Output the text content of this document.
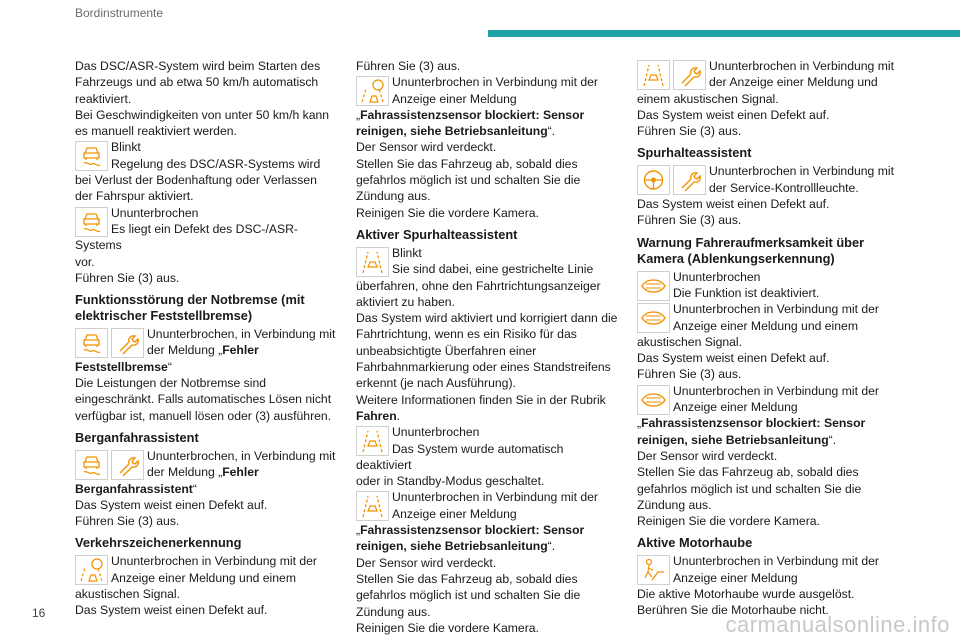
Bordinstrumente

Das DSC/ASR-System wird beim Starten des Fahrzeugs und ab etwa 50 km/h automatisch reaktiviert.

Bei Geschwindigkeiten von unter 50 km/h kann es manuell reaktiviert werden.

Blinkt
Regelung des DSC/ASR-Systems wird
bei Verlust der Bodenhaftung oder Verlassen der Fahrspur aktiviert.
Ununterbrochen
Es liegt ein Defekt des DSC-/ASR-Systems
vor.

Führen Sie (3) aus.

Funktionsstörung der Notbremse (mit elektrischer Feststellbremse)

Ununterbrochen, in Verbindung mit der Meldung „Fehler Feststellbremse“

Die Leistungen der Notbremse sind eingeschränkt. Falls automatisches Lösen nicht verfügbar ist, manuell lösen oder (3) ausführen.

Berganfahrassistent

Ununterbrochen, in Verbindung mit der Meldung „Fehler Berganfahrassistent“

Das System weist einen Defekt auf.

Führen Sie (3) aus.

Verkehrszeichenerkennung

Ununterbrochen in Verbindung mit der Anzeige einer Meldung und einem akustischen Signal.

Das System weist einen Defekt auf.

Führen Sie (3) aus.

Ununterbrochen in Verbindung mit der Anzeige einer Meldung
„Fahrassistenzsensor blockiert: Sensor reinigen, siehe Betriebsanleitung“.

Der Sensor wird verdeckt.

Stellen Sie das Fahrzeug ab, sobald dies gefahrlos möglich ist und schalten Sie die Zündung aus.

Reinigen Sie die vordere Kamera.

Aktiver Spurhalteassistent

Blinkt
Sie sind dabei, eine gestrichelte Linie
überfahren, ohne den Fahrtrichtungsanzeiger aktiviert zu haben.

Das System wird aktiviert und korrigiert dann die Fahrtrichtung, wenn es ein Risiko für das unbeabsichtigte Überfahren einer Fahrbahnmarkierung oder eines Standstreifens erkennt (je nach Ausführung).

Weitere Informationen finden Sie in der Rubrik Fahren.

Ununterbrochen
Das System wurde automatisch deaktiviert
oder in Standby-Modus geschaltet.
Ununterbrochen in Verbindung mit der Anzeige einer Meldung
„Fahrassistenzsensor blockiert: Sensor reinigen, siehe Betriebsanleitung“.

Der Sensor wird verdeckt.

Stellen Sie das Fahrzeug ab, sobald dies gefahrlos möglich ist und schalten Sie die Zündung aus.

Reinigen Sie die vordere Kamera.

Ununterbrochen in Verbindung mit der Anzeige einer Meldung und einem akustischen Signal.

Das System weist einen Defekt auf.

Führen Sie (3) aus.

Spurhalteassistent

Ununterbrochen in Verbindung mit der Service-Kontrollleuchte.

Das System weist einen Defekt auf.

Führen Sie (3) aus.

Warnung Fahreraufmerksamkeit über Kamera (Ablenkungserkennung)

Ununterbrochen
Die Funktion ist deaktiviert.
Ununterbrochen in Verbindung mit der Anzeige einer Meldung und einem akustischen Signal.

Das System weist einen Defekt auf.

Führen Sie (3) aus.

Ununterbrochen in Verbindung mit der Anzeige einer Meldung
„Fahrassistenzsensor blockiert: Sensor reinigen, siehe Betriebsanleitung“.

Der Sensor wird verdeckt.

Stellen Sie das Fahrzeug ab, sobald dies gefahrlos möglich ist und schalten Sie die Zündung aus.

Reinigen Sie die vordere Kamera.

Aktive Motorhaube

Ununterbrochen in Verbindung mit der Anzeige einer Meldung

Die aktive Motorhaube wurde ausgelöst.

Berühren Sie die Motorhaube nicht.

16	carmanualsonline.info
